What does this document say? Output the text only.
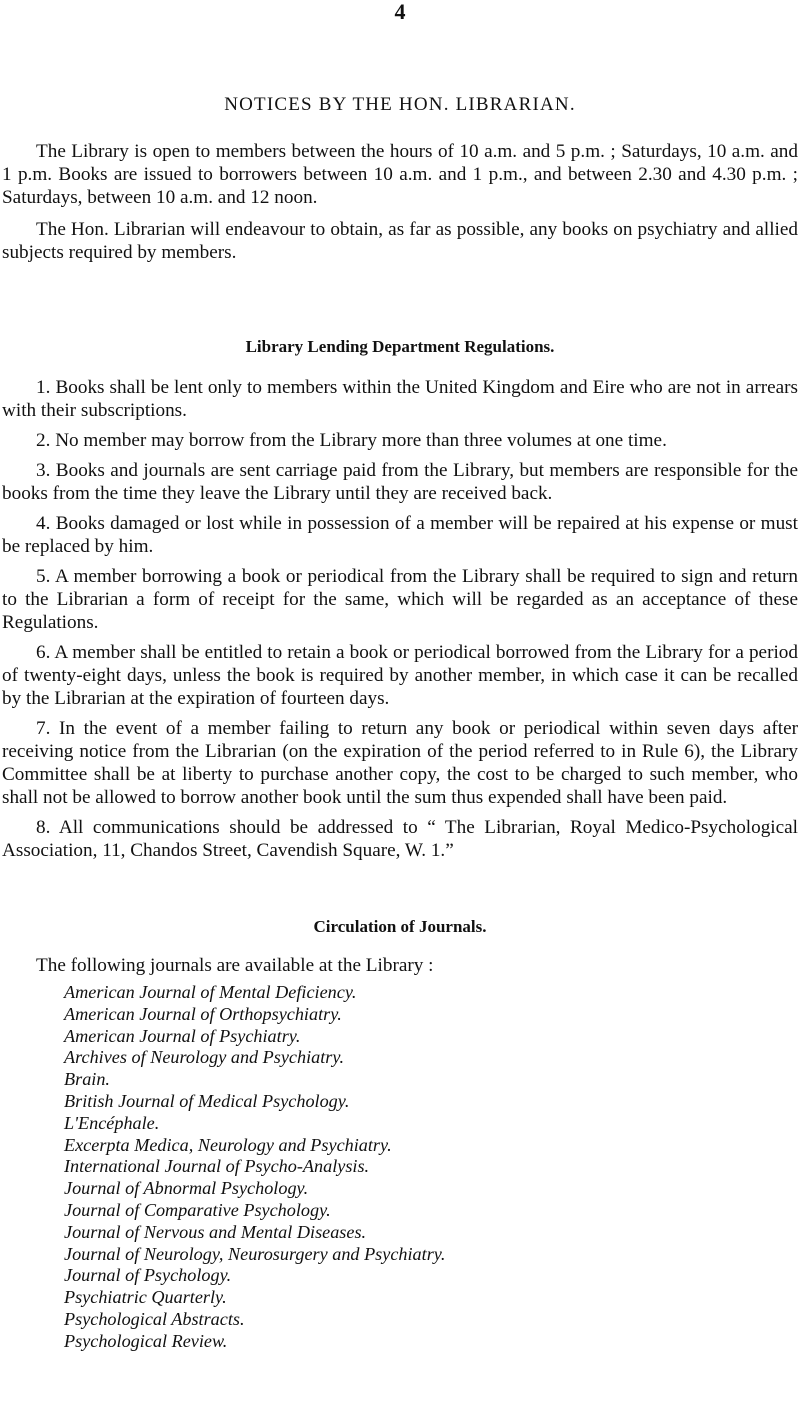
4
NOTICES BY THE HON. LIBRARIAN.

The Library is open to members between the hours of 10 a.m. and 5 p.m. ; Saturdays, 10 a.m. and 1 p.m. Books are issued to borrowers between 10 a.m. and 1 p.m., and between 2.30 and 4.30 p.m. ; Saturdays, between 10 a.m. and 12 noon.

The Hon. Librarian will endeavour to obtain, as far as possible, any books on psychiatry and allied subjects required by members.

Library Lending Department Regulations.

1. Books shall be lent only to members within the United Kingdom and Eire who are not in arrears with their subscriptions.

2. No member may borrow from the Library more than three volumes at one time.

3. Books and journals are sent carriage paid from the Library, but members are responsible for the books from the time they leave the Library until they are received back.

4. Books damaged or lost while in possession of a member will be repaired at his expense or must be replaced by him.

5. A member borrowing a book or periodical from the Library shall be required to sign and return to the Librarian a form of receipt for the same, which will be regarded as an acceptance of these Regulations.

6. A member shall be entitled to retain a book or periodical borrowed from the Library for a period of twenty-eight days, unless the book is required by another member, in which case it can be recalled by the Librarian at the expiration of fourteen days.

7. In the event of a member failing to return any book or periodical within seven days after receiving notice from the Librarian (on the expiration of the period referred to in Rule 6), the Library Committee shall be at liberty to purchase another copy, the cost to be charged to such member, who shall not be allowed to borrow another book until the sum thus expended shall have been paid.

8. All communications should be addressed to “ The Librarian, Royal Medico-Psychological Association, 11, Chandos Street, Cavendish Square, W. 1.”

Circulation of Journals.

The following journals are available at the Library :

American Journal of Mental Deficiency.
American Journal of Orthopsychiatry.
American Journal of Psychiatry.
Archives of Neurology and Psychiatry.
Brain.
British Journal of Medical Psychology.
L'Encéphale.
Excerpta Medica, Neurology and Psychiatry.
International Journal of Psycho-Analysis.
Journal of Abnormal Psychology.
Journal of Comparative Psychology.
Journal of Nervous and Mental Diseases.
Journal of Neurology, Neurosurgery and Psychiatry.
Journal of Psychology.
Psychiatric Quarterly.
Psychological Abstracts.
Psychological Review.
